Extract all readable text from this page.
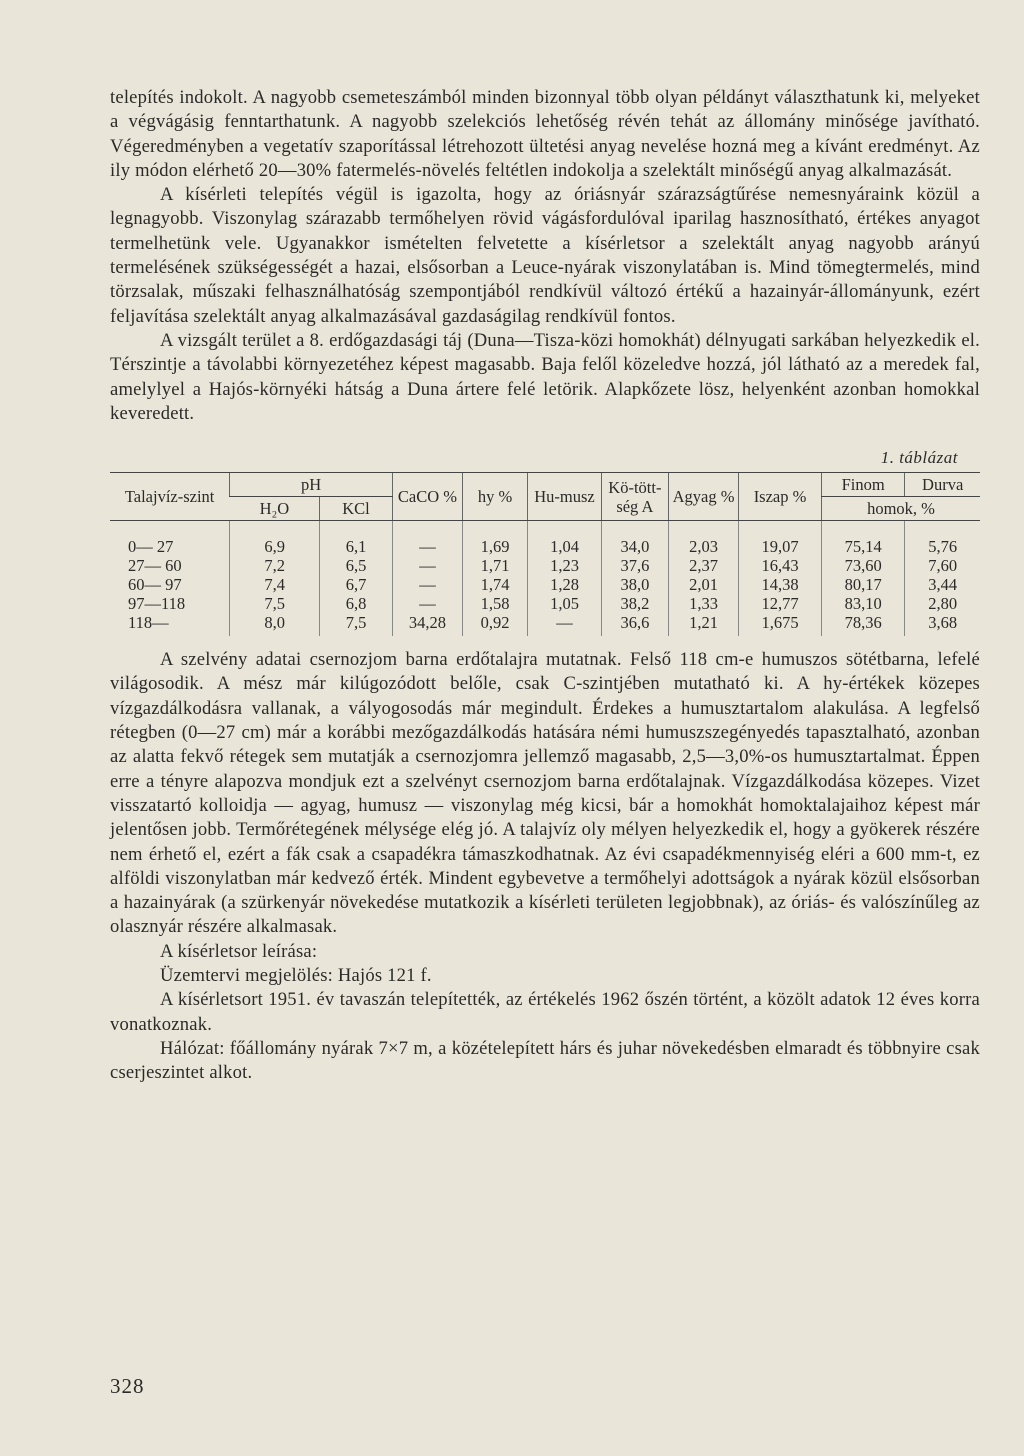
telepítés indokolt. A nagyobb csemeteszámból minden bizonnyal több olyan példányt választhatunk ki, melyeket a végvágásig fenntarthatunk. A nagyobb szelekciós lehetőség révén tehát az állomány minősége javítható. Végeredményben a vegetatív szaporítással létrehozott ültetési anyag nevelése hozná meg a kívánt eredményt. Az ily módon elérhető 20—30% fatermelés-növelés feltétlen indokolja a szelektált minőségű anyag alkalmazását.

A kísérleti telepítés végül is igazolta, hogy az óriásnyár szárazságtűrése nemesnyáraink közül a legnagyobb. Viszonylag szárazabb termőhelyen rövid vágásfordulóval iparilag hasznosítható, értékes anyagot termelhetünk vele. Ugyanakkor ismételten felvetette a kísérletsor a szelektált anyag nagyobb arányú termelésének szükségességét a hazai, elsősorban a Leuce-nyárak viszonylatában is. Mind tömegtermelés, mind törzsalak, műszaki felhasználhatóság szempontjából rendkívül változó értékű a hazainyár-állományunk, ezért feljavítása szelektált anyag alkalmazásával gazdaságilag rendkívül fontos.

A vizsgált terület a 8. erdőgazdasági táj (Duna—Tisza-közi homokhát) délnyugati sarkában helyezkedik el. Térszintje a távolabbi környezetéhez képest magasabb. Baja felől közeledve hozzá, jól látható az a meredek fal, amelylyel a Hajós-környéki hátság a Duna ártere felé letörik. Alapkőzete lösz, helyenként azonban homokkal keveredett.

1. táblázat
Talajvíz-szint	pH		CaCO %	hy %	Hu-musz	Kö-tött-ség A	Agyag %	Iszap %	Finom	Durva
	H₂O	KCl							homok, %	
0— 27	6,9	6,1	—	1,69	1,04	34,0	2,03	19,07	75,14	5,76
27— 60	7,2	6,5	—	1,71	1,23	37,6	2,37	16,43	73,60	7,60
60— 97	7,4	6,7	—	1,74	1,28	38,0	2,01	14,38	80,17	3,44
97—118	7,5	6,8	—	1,58	1,05	38,2	1,33	12,77	83,10	2,80
118—	8,0	7,5	34,28	0,92	—	36,6	1,21	1,675	78,36	3,68

A szelvény adatai csernozjom barna erdőtalajra mutatnak. Felső 118 cm-e humuszos sötétbarna, lefelé világosodik. A mész már kilúgozódott belőle, csak C-szintjében mutatható ki. A hy-értékek közepes vízgazdálkodásra vallanak, a vályogosodás már megindult. Érdekes a humusztartalom alakulása. A legfelső rétegben (0—27 cm) már a korábbi mezőgazdálkodás hatására némi humuszszegényedés tapasztalható, azonban az alatta fekvő rétegek sem mutatják a csernozjomra jellemző magasabb, 2,5—3,0%-os humusztartalmat. Éppen erre a tényre alapozva mondjuk ezt a szelvényt csernozjom barna erdőtalajnak. Vízgazdálkodása közepes. Vizet visszatartó kolloidja — agyag, humusz — viszonylag még kicsi, bár a homokhát homoktalajaihoz képest már jelentősen jobb. Termőrétegének mélysége elég jó. A talajvíz oly mélyen helyezkedik el, hogy a gyökerek részére nem érhető el, ezért a fák csak a csapadékra támaszkodhatnak. Az évi csapadékmennyiség eléri a 600 mm-t, ez alföldi viszonylatban már kedvező érték. Mindent egybevetve a termőhelyi adottságok a nyárak közül elsősorban a hazainyárak (a szürkenyár növekedése mutatkozik a kísérleti területen legjobbnak), az óriás- és valószínűleg az olasznyár részére alkalmasak.

A kísérletsor leírása:

Üzemtervi megjelölés: Hajós 121 f.

A kísérletsort 1951. év tavaszán telepítették, az értékelés 1962 őszén történt, a közölt adatok 12 éves korra vonatkoznak.

Hálózat: főállomány nyárak 7×7 m, a közételepített hárs és juhar növekedésben elmaradt és többnyire csak cserjeszintet alkot.

328
